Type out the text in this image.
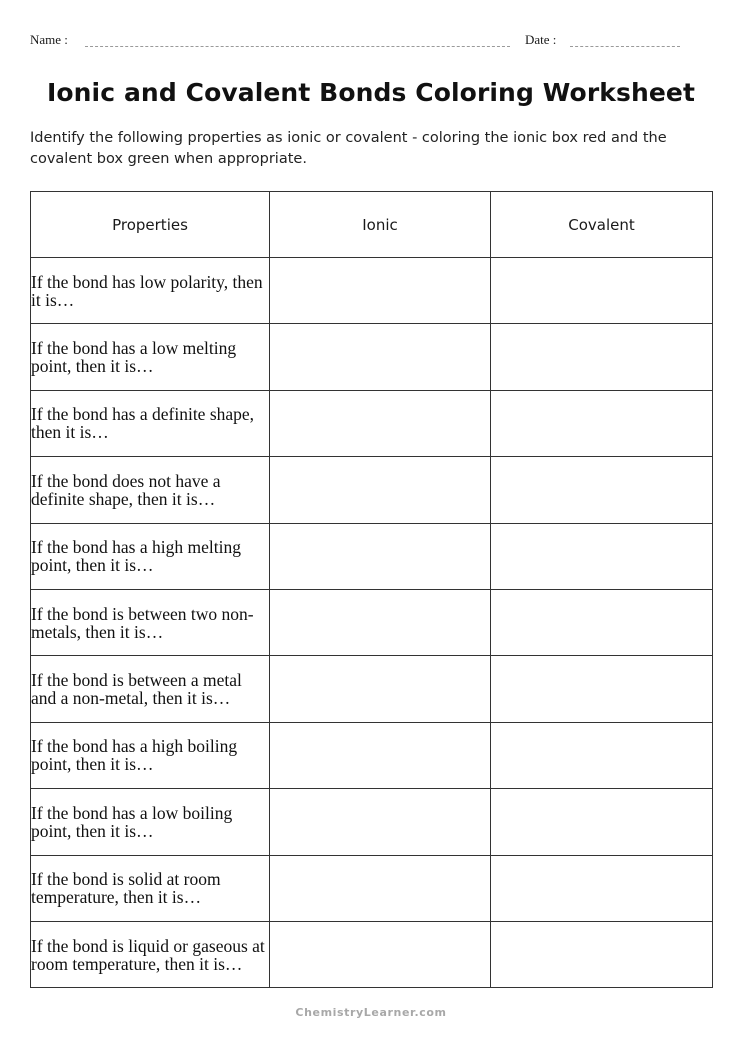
Name :	Date :
Ionic and Covalent Bonds Coloring Worksheet
Identify the following properties as ionic or covalent - coloring the ionic box red and the covalent box green when appropriate.
Properties	Ionic	Covalent
If the bond has low polarity, then it is…		
If the bond has a low melting point, then it is…		
If the bond has a definite shape, then it is…		
If the bond does not have a definite shape, then it is…		
If the bond has a high melting point, then it is…		
If the bond is between two non-metals, then it is…		
If the bond is between a metal and a non-metal, then it is…		
If the bond has a high boiling point, then it is…		
If the bond has a low boiling point, then it is…		
If the bond is solid at room temperature, then it is…		
If the bond is liquid or gaseous at room temperature, then it is…		
ChemistryLearner.com
